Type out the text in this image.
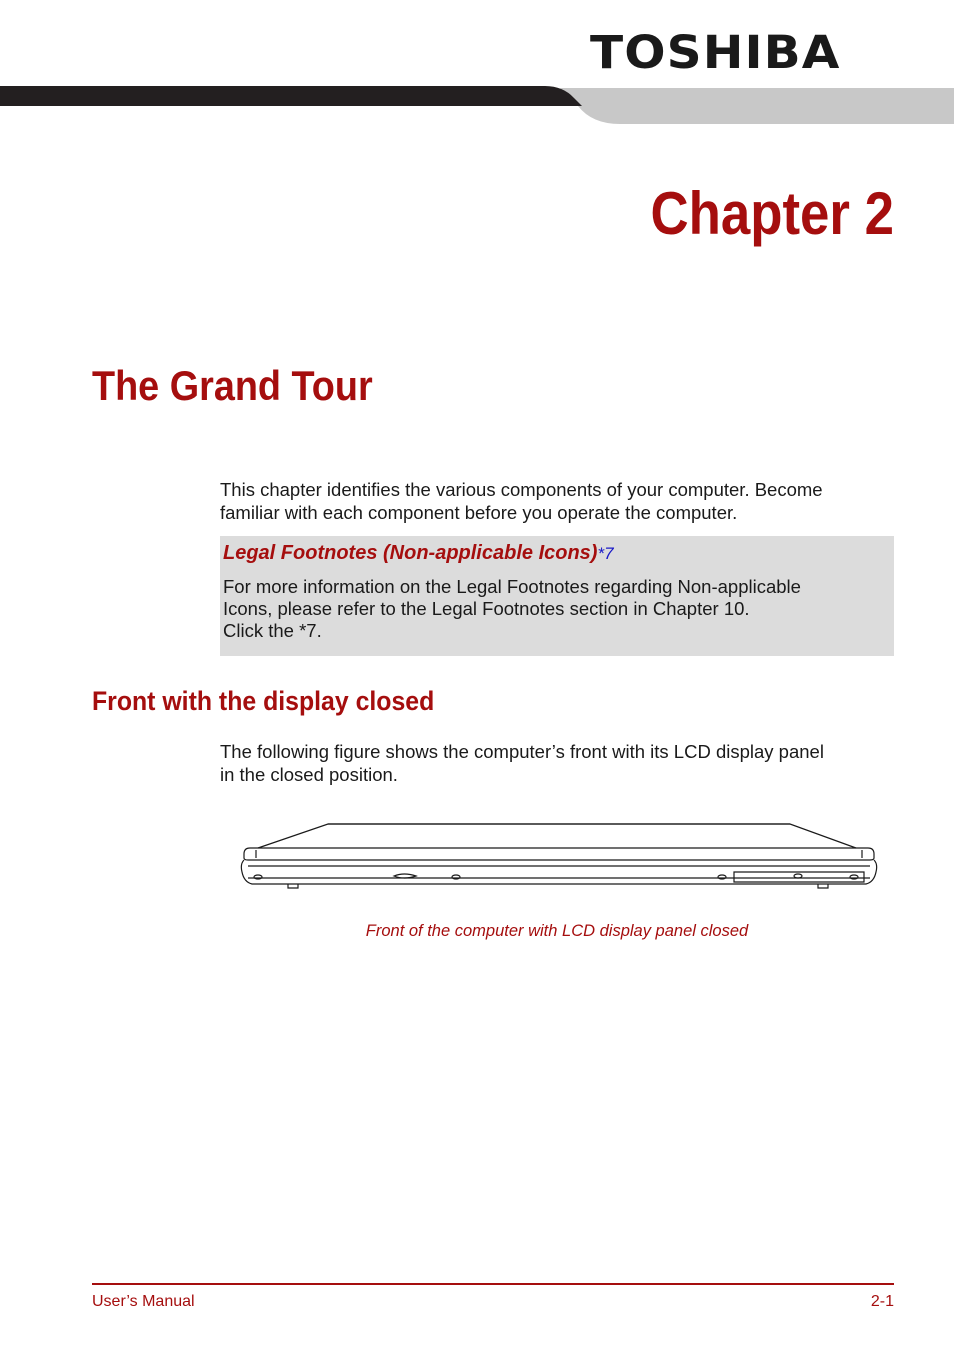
TOSHIBA
Chapter 2
The Grand Tour

This chapter identifies the various components of your computer. Become

familiar with each component before you operate the computer.

Legal Footnotes (Non-applicable Icons)*7

For more information on the Legal Footnotes regarding Non-applicable

Icons, please refer to the Legal Footnotes section in Chapter 10.

Click the *7.

Front with the display closed

The following figure shows the computer’s front with its LCD display panel

in the closed position.

Front of the computer with LCD display panel closed
User’s Manual	2-1
